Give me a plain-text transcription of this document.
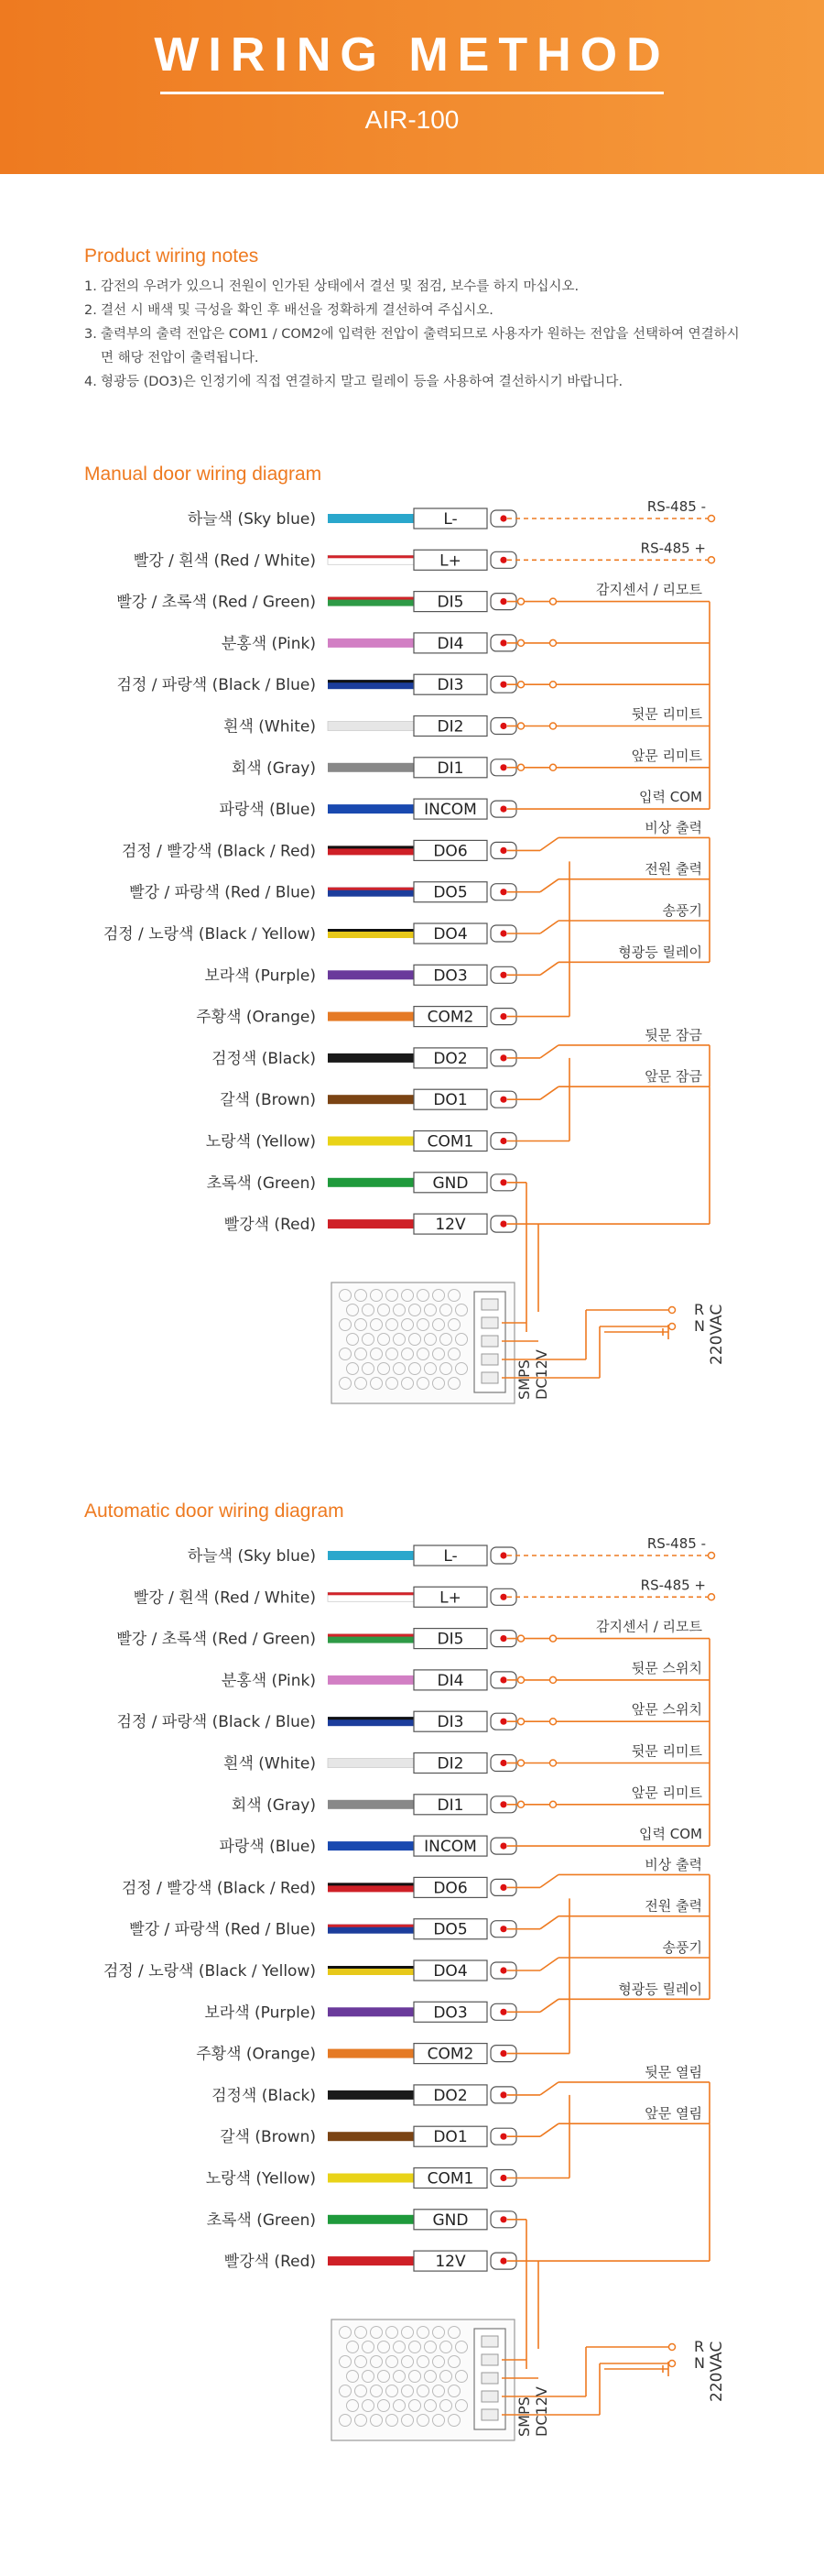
WIRING METHOD
AIR-100
Product wiring notes
1. 감전의 우려가 있으니 전원이 인가된 상태에서 결선 및 점검, 보수를 하지 마십시오.
2. 결선 시 배색 및 극성을 확인 후 배선을 정확하게 결선하여 주십시오.
3. 출력부의 출력 전압은 COM1 / COM2에 입력한 전압이 출력되므로 사용자가 원하는 전압을 선택하여 연결하시면 해당 전압이 출력됩니다.
4. 형광등 (DO3)은 인정기에 직접 연결하지 말고 릴레이 등을 사용하여 결선하시기 바랍니다.
Manual door wiring diagram
하늘색 (Sky blue)	L-
빨강 / 흰색 (Red / White)	L+
빨강 / 초록색 (Red / Green)	DI5
분홍색 (Pink)	DI4
검정 / 파랑색 (Black / Blue)	DI3
흰색 (White)	DI2
회색 (Gray)	DI1
파랑색 (Blue)	INCOM
검정 / 빨강색 (Black / Red)	DO6
빨강 / 파랑색 (Red / Blue)	DO5
검정 / 노랑색 (Black / Yellow)	DO4
보라색 (Purple)	DO3
주황색 (Orange)	COM2
검정색 (Black)	DO2
갈색 (Brown)	DO1
노랑색 (Yellow)	COM1
초록색 (Green)	GND
빨강색 (Red)	12V
RS-485 -
RS-485 +
감지센서 / 리모트
뒷문 리미트
앞문 리미트
입력 COM
비상 출력
전원 출력
송풍기
형광등 릴레이
뒷문 잠금
앞문 잠금
R
N 220VAC
SMPS DC12V
Automatic door wiring diagram
하늘색 (Sky blue)	L-
빨강 / 흰색 (Red / White)	L+
빨강 / 초록색 (Red / Green)	DI5
분홍색 (Pink)	DI4
검정 / 파랑색 (Black / Blue)	DI3
흰색 (White)	DI2
회색 (Gray)	DI1
파랑색 (Blue)	INCOM
검정 / 빨강색 (Black / Red)	DO6
빨강 / 파랑색 (Red / Blue)	DO5
검정 / 노랑색 (Black / Yellow)	DO4
보라색 (Purple)	DO3
주황색 (Orange)	COM2
검정색 (Black)	DO2
갈색 (Brown)	DO1
노랑색 (Yellow)	COM1
초록색 (Green)	GND
빨강색 (Red)	12V
RS-485 -
RS-485 +
감지센서 / 리모트
뒷문 스위치
앞문 스위치
뒷문 리미트
앞문 리미트
입력 COM
비상 출력
전원 출력
송풍기
형광등 릴레이
뒷문 열림
앞문 열림
R
N 220VAC
SMPS DC12V
